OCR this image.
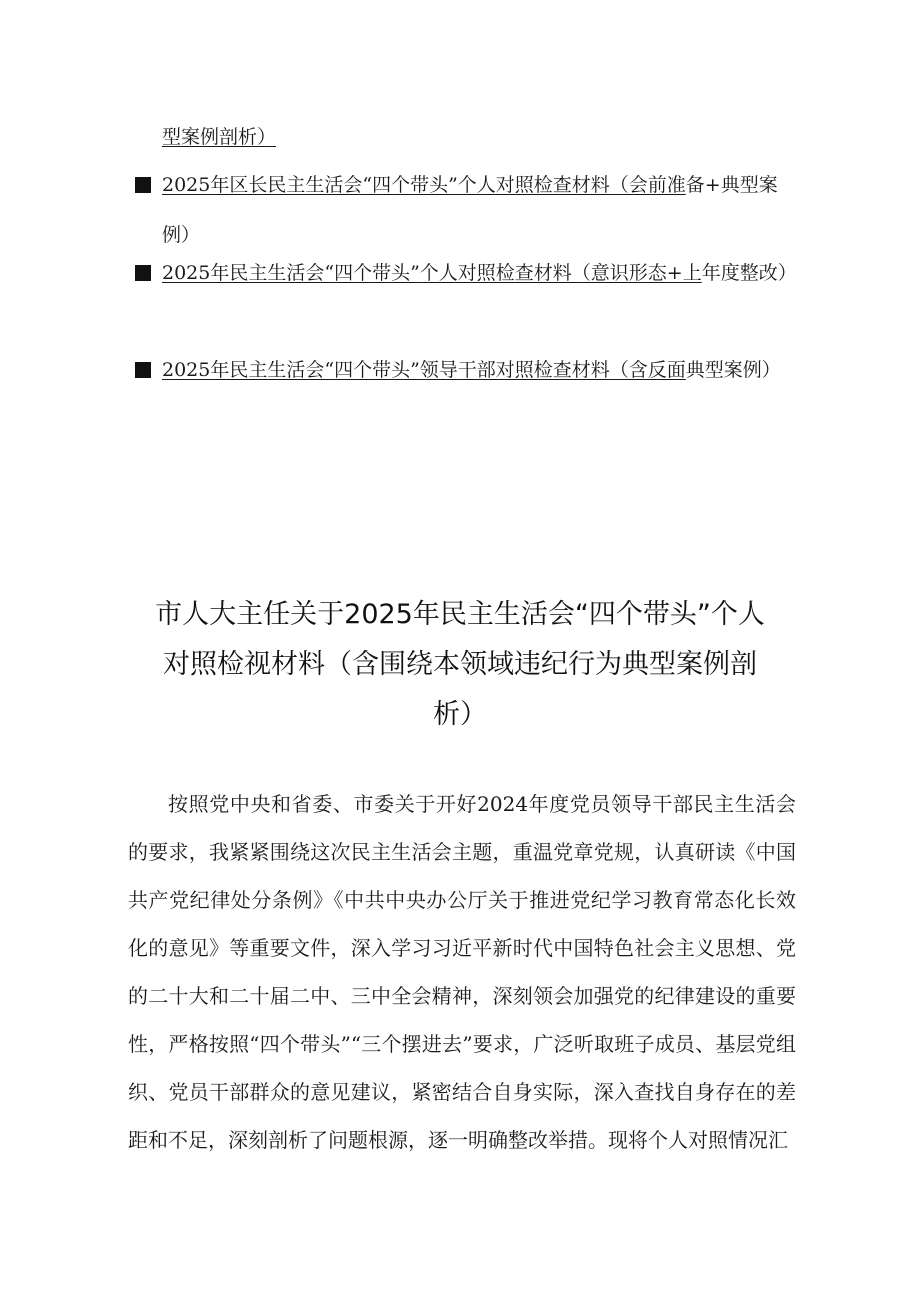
型案例剖析）
2025年区长民主生活会“四个带头”个人对照检查材料（会前准备+典型案例）
2025年民主生活会“四个带头”个人对照检查材料（意识形态+上年度整改）
2025年民主生活会“四个带头”领导干部对照检查材料（含反面典型案例）
市人大主任关于2025年民主生活会“四个带头”个人对照检视材料（含围绕本领域违纪行为典型案例剖析）

按照党中央和省委、市委关于开好2024年度党员领导干部民主生活会的要求，我紧紧围绕这次民主生活会主题，重温党章党规，认真研读《中国共产党纪律处分条例》《中共中央办公厅关于推进党纪学习教育常态化长效化的意见》等重要文件，深入学习习近平新时代中国特色社会主义思想、党的二十大和二十届二中、三中全会精神，深刻领会加强党的纪律建设的重要性，严格按照“四个带头”“三个摆进去”要求，广泛听取班子成员、基层党组织、党员干部群众的意见建议，紧密结合自身实际，深入查找自身存在的差距和不足，深刻剖析了问题根源，逐一明确整改举措。现将个人对照情况汇
